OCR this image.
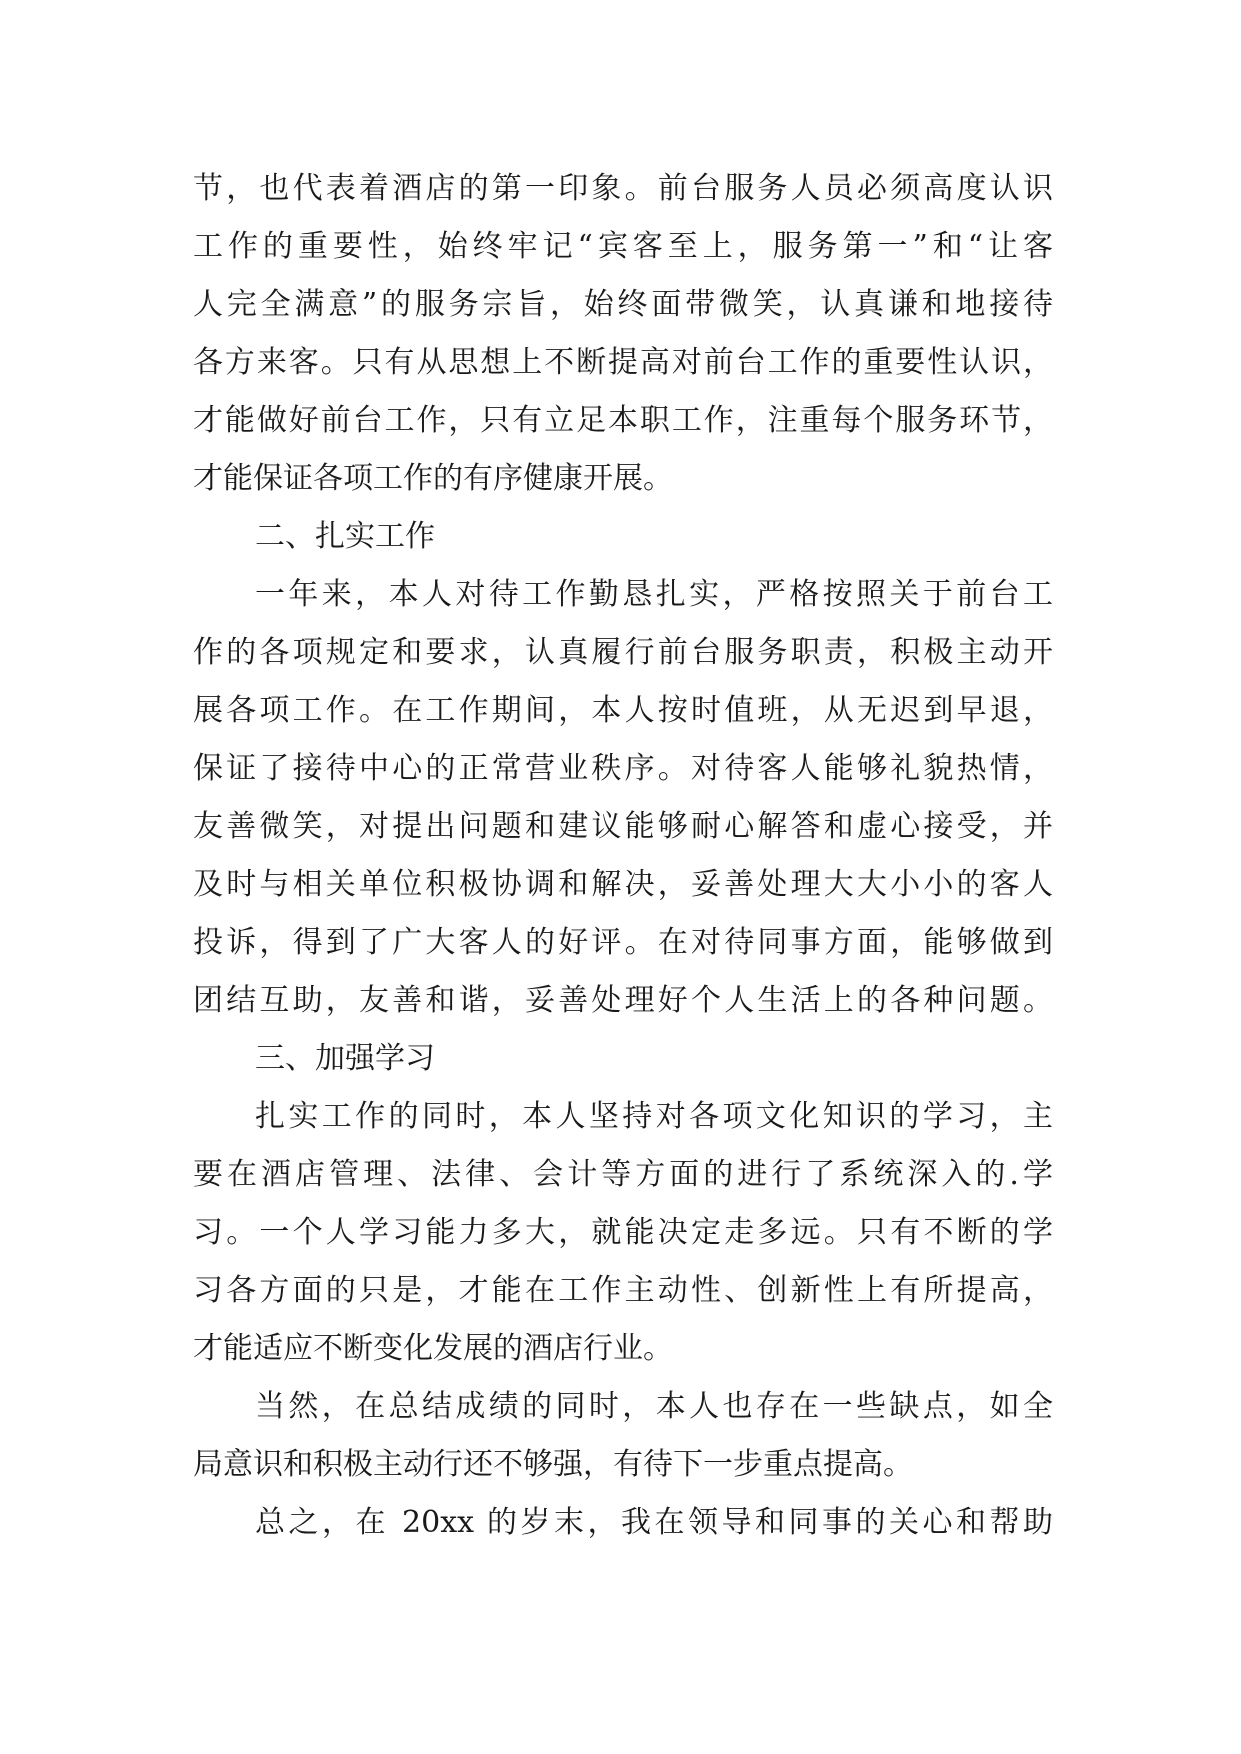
节，也代表着酒店的第一印象。前台服务人员必须高度认识
工作的重要性，始终牢记“宾客至上，服务第一”和“让客
人完全满意”的服务宗旨，始终面带微笑，认真谦和地接待
各方来客。只有从思想上不断提高对前台工作的重要性认识，
才能做好前台工作，只有立足本职工作，注重每个服务环节，
才能保证各项工作的有序健康开展。
二、扎实工作
一年来，本人对待工作勤恳扎实，严格按照关于前台工
作的各项规定和要求，认真履行前台服务职责，积极主动开
展各项工作。在工作期间，本人按时值班，从无迟到早退，
保证了接待中心的正常营业秩序。对待客人能够礼貌热情，
友善微笑，对提出问题和建议能够耐心解答和虚心接受，并
及时与相关单位积极协调和解决，妥善处理大大小小的客人
投诉，得到了广大客人的好评。在对待同事方面，能够做到
团结互助，友善和谐，妥善处理好个人生活上的各种问题。
三、加强学习
扎实工作的同时，本人坚持对各项文化知识的学习，主
要在酒店管理、法律、会计等方面的进行了系统深入的.学
习。一个人学习能力多大，就能决定走多远。只有不断的学
习各方面的只是，才能在工作主动性、创新性上有所提高，
才能适应不断变化发展的酒店行业。
当然，在总结成绩的同时，本人也存在一些缺点，如全
局意识和积极主动行还不够强，有待下一步重点提高。
总之，在 20xx 的岁末，我在领导和同事的关心和帮助
